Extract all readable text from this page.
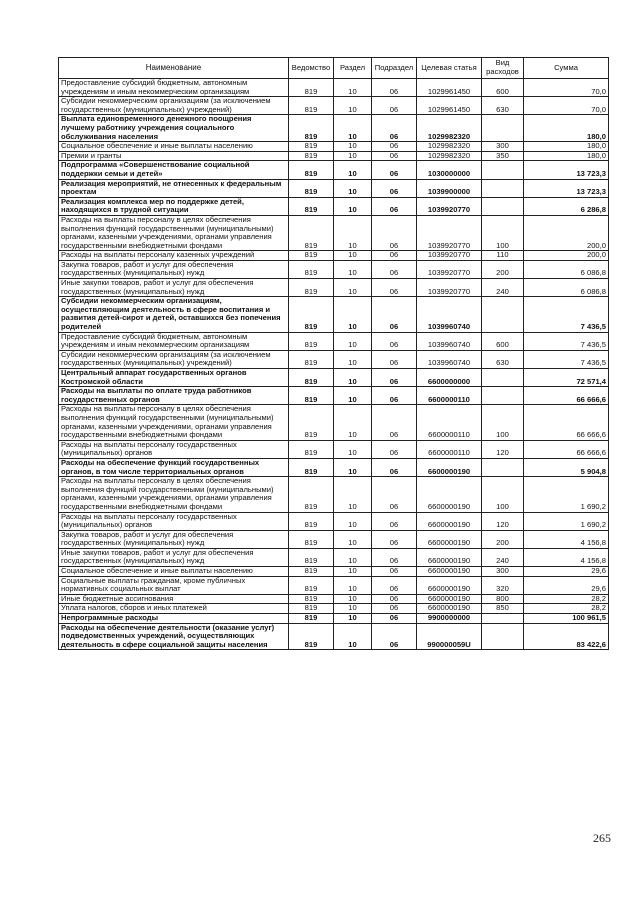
Наименование	Ведомство	Раздел	Подраздел	Целевая статья	Вид расходов	Сумма
Предоставление субсидий бюджетным, автономным учреждениям и иным некоммерческим организациям	819	10	06	1029961450	600	70,0
Субсидии некоммерческим организациям (за исключением государственных (муниципальных) учреждений)	819	10	06	1029961450	630	70,0
Выплата единовременного денежного поощрения лучшему работнику учреждения социального обслуживания населения	819	10	06	1029982320		180,0
Социальное обеспечение и иные выплаты населению	819	10	06	1029982320	300	180,0
Премии и гранты	819	10	06	1029982320	350	180,0
Подпрограмма «Совершенствование социальной поддержки семьи и детей»	819	10	06	1030000000		13 723,3
Реализация мероприятий, не отнесенных к федеральным проектам	819	10	06	1039900000		13 723,3
Реализация комплекса мер по поддержке детей, находящихся в трудной ситуации	819	10	06	1039920770		6 286,8
Расходы на выплаты персоналу в целях обеспечения выполнения функций государственными (муниципальными) органами, казенными учреждениями, органами управления государственными внебюджетными фондами	819	10	06	1039920770	100	200,0
Расходы на выплаты персоналу казенных учреждений	819	10	06	1039920770	110	200,0
Закупка товаров, работ и услуг для обеспечения государственных (муниципальных) нужд	819	10	06	1039920770	200	6 086,8
Иные закупки товаров, работ и услуг для обеспечения государственных (муниципальных) нужд	819	10	06	1039920770	240	6 086,8
Субсидии некоммерческим организациям, осуществляющим деятельность в сфере воспитания и развития детей-сирот и детей, оставшихся без попечения родителей	819	10	06	1039960740		7 436,5
Предоставление субсидий бюджетным, автономным учреждениям и иным некоммерческим организациям	819	10	06	1039960740	600	7 436,5
Субсидии некоммерческим организациям (за исключением государственных (муниципальных) учреждений)	819	10	06	1039960740	630	7 436,5
Центральный аппарат государственных органов Костромской области	819	10	06	6600000000		72 571,4
Расходы на выплаты по оплате труда работников государственных органов	819	10	06	6600000110		66 666,6
Расходы на выплаты персоналу в целях обеспечения выполнения функций государственными (муниципальными) органами, казенными учреждениями, органами управления государственными внебюджетными фондами	819	10	06	6600000110	100	66 666,6
Расходы на выплаты персоналу государственных (муниципальных) органов	819	10	06	6600000110	120	66 666,6
Расходы на обеспечение функций государственных органов, в том числе территориальных органов	819	10	06	6600000190		5 904,8
Расходы на выплаты персоналу в целях обеспечения выполнения функций государственными (муниципальными) органами, казенными учреждениями, органами управления государственными внебюджетными фондами	819	10	06	6600000190	100	1 690,2
Расходы на выплаты персоналу государственных (муниципальных) органов	819	10	06	6600000190	120	1 690,2
Закупка товаров, работ и услуг для обеспечения государственных (муниципальных) нужд	819	10	06	6600000190	200	4 156,8
Иные закупки товаров, работ и услуг для обеспечения государственных (муниципальных) нужд	819	10	06	6600000190	240	4 156,8
Социальное обеспечение и иные выплаты населению	819	10	06	6600000190	300	29,6
Социальные выплаты гражданам, кроме публичных нормативных социальных выплат	819	10	06	6600000190	320	29,6
Иные бюджетные ассигнования	819	10	06	6600000190	800	28,2
Уплата налогов, сборов и иных платежей	819	10	06	6600000190	850	28,2
Непрограммные расходы	819	10	06	9900000000		100 961,5
Расходы на обеспечение деятельности (оказание услуг) подведомственных учреждений, осуществляющих деятельность в сфере социальной защиты населения	819	10	06	990000059U		83 422,6
265
